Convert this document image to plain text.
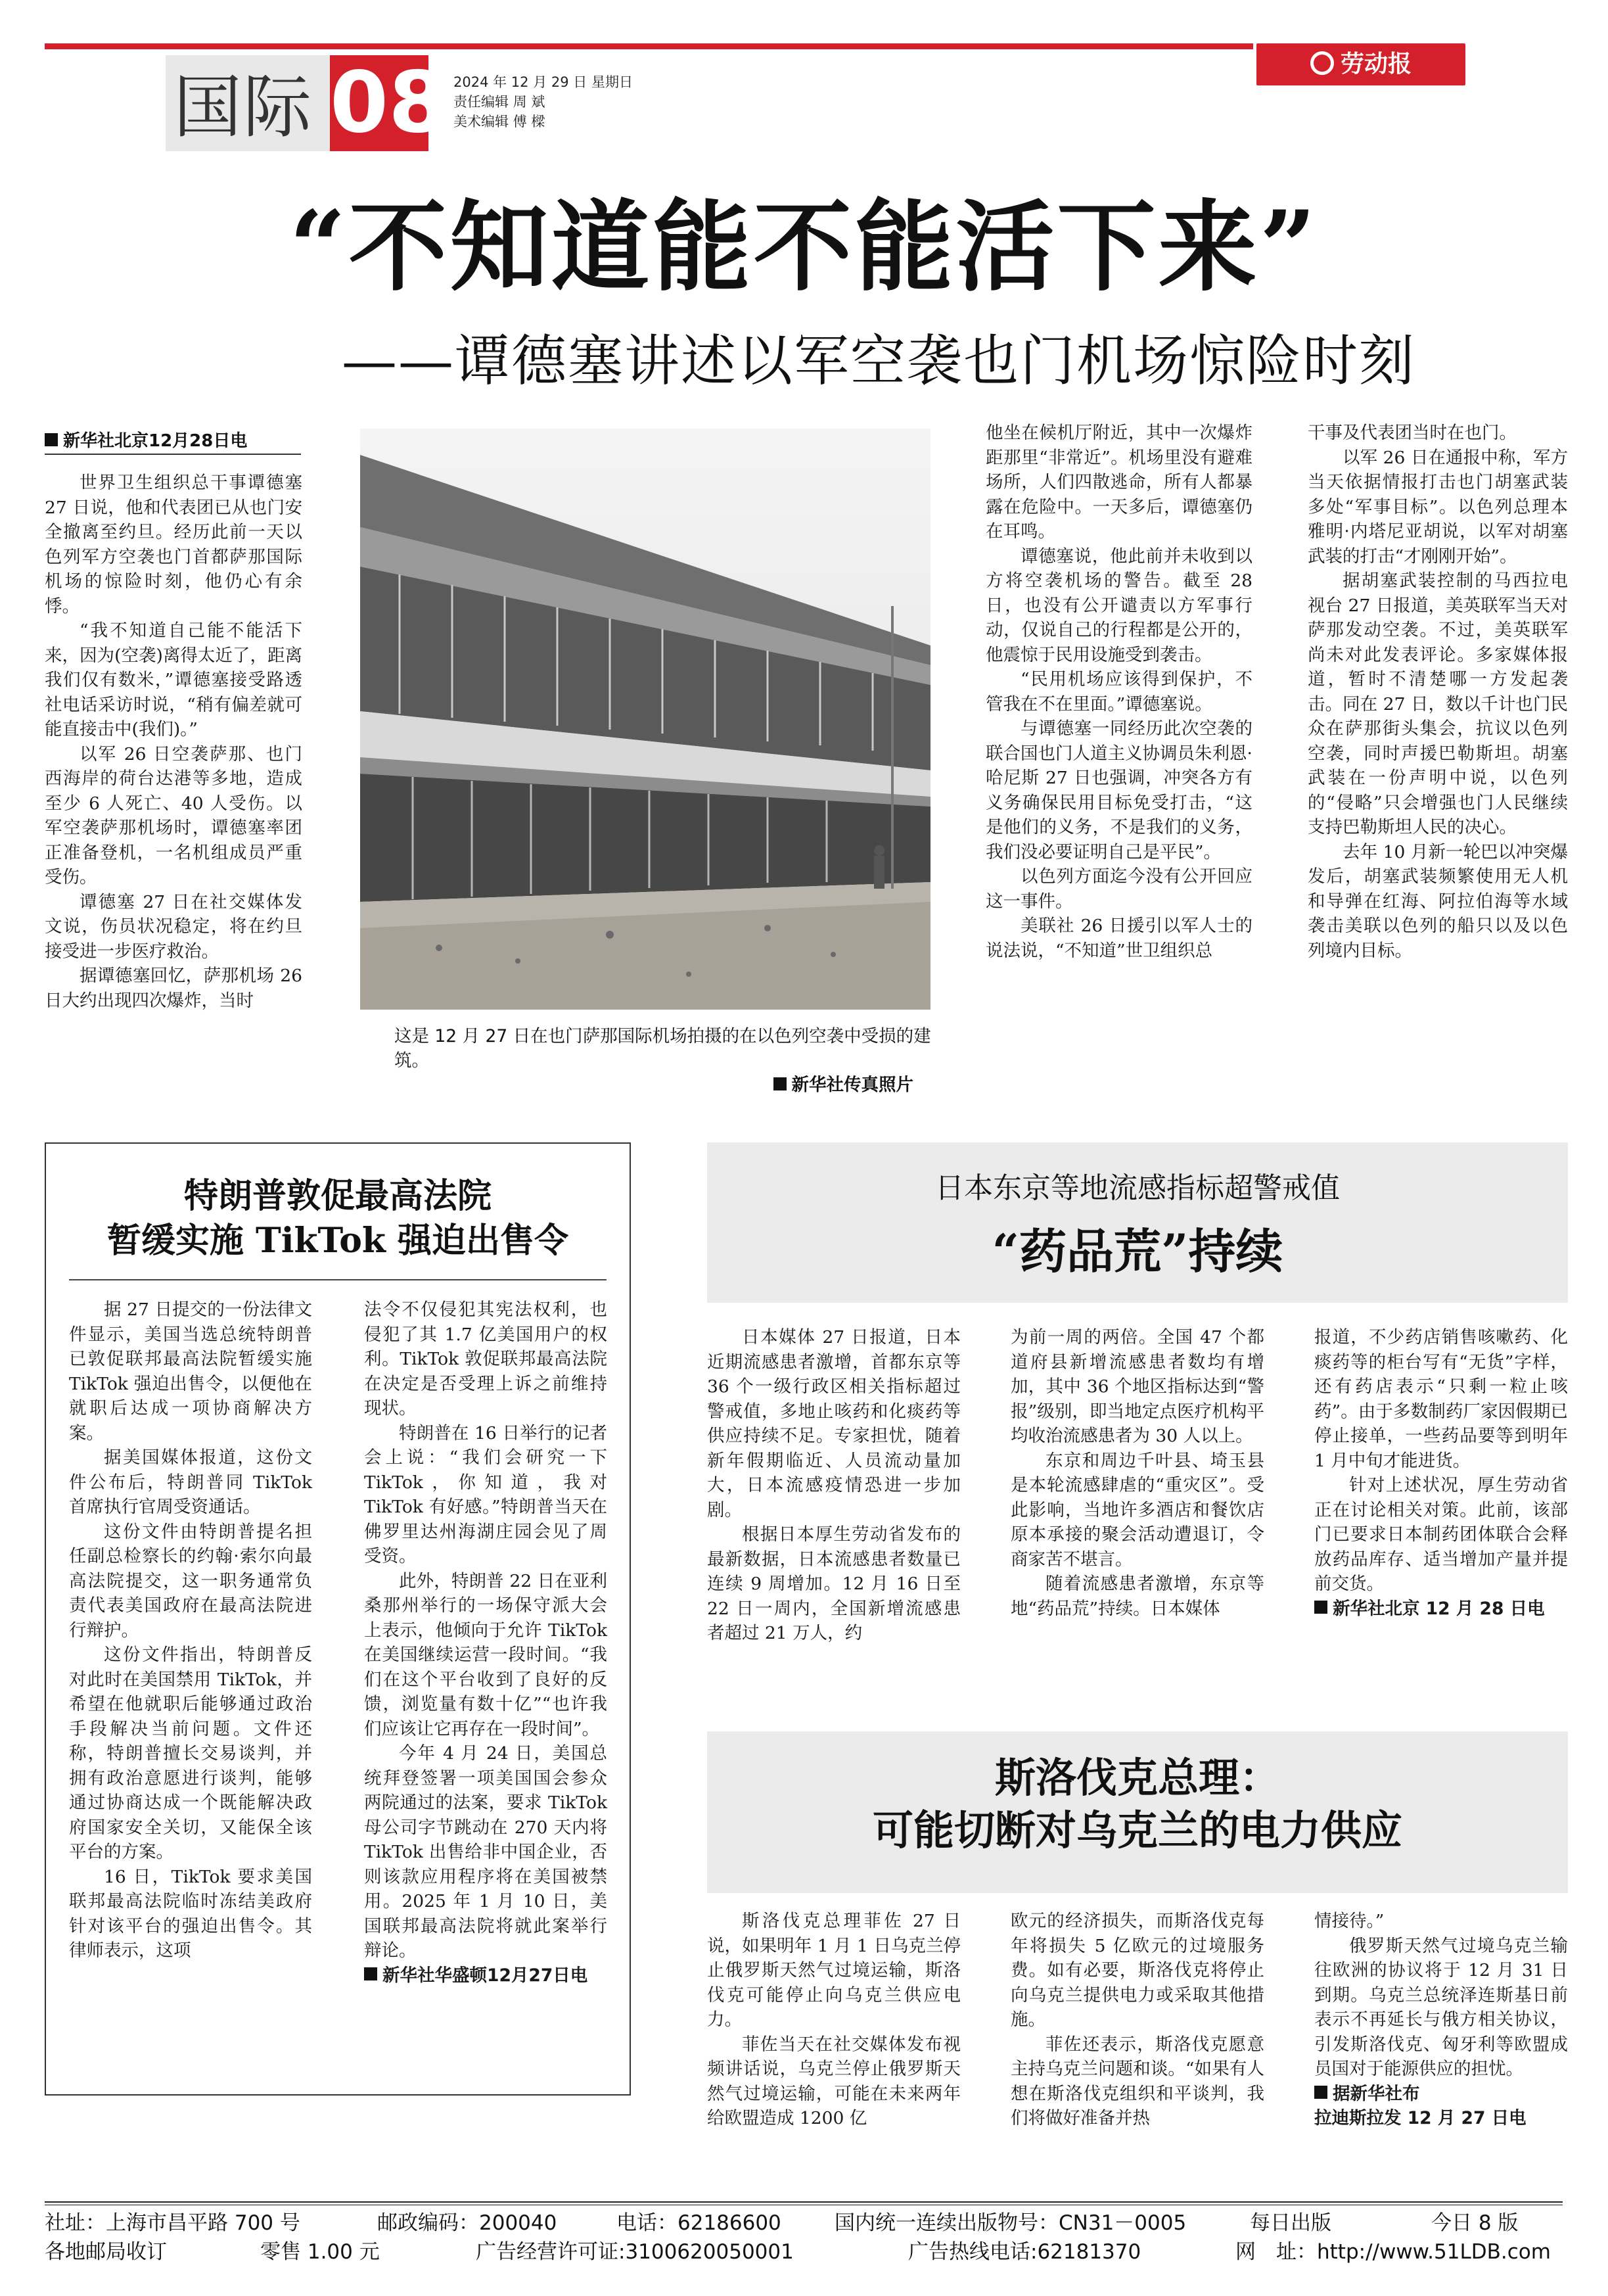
国际 08 2024 年 12 月 29 日 星期日
责任编辑 周 斌
美术编辑 傅 樑
劳动报
“不知道能不能活下来”
——谭德塞讲述以军空袭也门机场惊险时刻
新华社北京12月28日电

世界卫生组织总干事谭德塞 27 日说，他和代表团已从也门安全撤离至约旦。经历此前一天以色列军方空袭也门首都萨那国际机场的惊险时刻，他仍心有余悸。

“我不知道自己能不能活下来，因为(空袭)离得太近了，距离我们仅有数米，”谭德塞接受路透社电话采访时说，“稍有偏差就可能直接击中(我们)。”

以军 26 日空袭萨那、也门西海岸的荷台达港等多地，造成至少 6 人死亡、40 人受伤。以军空袭萨那机场时，谭德塞率团正准备登机，一名机组成员严重受伤。

谭德塞 27 日在社交媒体发文说，伤员状况稳定，将在约旦接受进一步医疗救治。

据谭德塞回忆，萨那机场 26 日大约出现四次爆炸，当时

这是 12 月 27 日在也门萨那国际机场拍摄的在以色列空袭中受损的建筑。

新华社传真照片

他坐在候机厅附近，其中一次爆炸距那里“非常近”。机场里没有避难场所，人们四散逃命，所有人都暴露在危险中。一天多后，谭德塞仍在耳鸣。

谭德塞说，他此前并未收到以方将空袭机场的警告。截至 28 日，也没有公开谴责以方军事行动，仅说自己的行程都是公开的，他震惊于民用设施受到袭击。

“民用机场应该得到保护，不管我在不在里面。”谭德塞说。

与谭德塞一同经历此次空袭的联合国也门人道主义协调员朱利恩·哈尼斯 27 日也强调，冲突各方有义务确保民用目标免受打击，“这是他们的义务，不是我们的义务，我们没必要证明自己是平民”。

以色列方面迄今没有公开回应这一事件。

美联社 26 日援引以军人士的说法说，“不知道”世卫组织总

干事及代表团当时在也门。

以军 26 日在通报中称，军方当天依据情报打击也门胡塞武装多处“军事目标”。以色列总理本雅明·内塔尼亚胡说，以军对胡塞武装的打击“才刚刚开始”。

据胡塞武装控制的马西拉电视台 27 日报道，美英联军当天对萨那发动空袭。不过，美英联军尚未对此发表评论。多家媒体报道，暂时不清楚哪一方发起袭击。同在 27 日，数以千计也门民众在萨那街头集会，抗议以色列空袭，同时声援巴勒斯坦。胡塞武装在一份声明中说，以色列的“侵略”只会增强也门人民继续支持巴勒斯坦人民的决心。

去年 10 月新一轮巴以冲突爆发后，胡塞武装频繁使用无人机和导弹在红海、阿拉伯海等水域袭击美联以色列的船只以及以色列境内目标。

特朗普敦促最高法院
暂缓实施 TikTok 强迫出售令

据 27 日提交的一份法律文件显示，美国当选总统特朗普已敦促联邦最高法院暂缓实施 TikTok 强迫出售令，以便他在就职后达成一项协商解决方案。

据美国媒体报道，这份文件公布后，特朗普同 TikTok 首席执行官周受资通话。

这份文件由特朗普提名担任副总检察长的约翰·索尔向最高法院提交，这一职务通常负责代表美国政府在最高法院进行辩护。

这份文件指出，特朗普反对此时在美国禁用 TikTok，并希望在他就职后能够通过政治手段解决当前问题。文件还称，特朗普擅长交易谈判，并拥有政治意愿进行谈判，能够通过协商达成一个既能解决政府国家安全关切，又能保全该平台的方案。

16 日，TikTok 要求美国联邦最高法院临时冻结美政府针对该平台的强迫出售令。其律师表示，这项

法令不仅侵犯其宪法权利，也侵犯了其 1.7 亿美国用户的权利。TikTok 敦促联邦最高法院在决定是否受理上诉之前维持现状。

特朗普在 16 日举行的记者会上说：“我们会研究一下 TikTok，你知道，我对 TikTok 有好感。”特朗普当天在佛罗里达州海湖庄园会见了周受资。

此外，特朗普 22 日在亚利桑那州举行的一场保守派大会上表示，他倾向于允许 TikTok 在美国继续运营一段时间。“我们在这个平台收到了良好的反馈，浏览量有数十亿”“也许我们应该让它再存在一段时间”。

今年 4 月 24 日，美国总统拜登签署一项美国国会参众两院通过的法案，要求 TikTok 母公司字节跳动在 270 天内将 TikTok 出售给非中国企业，否则该款应用程序将在美国被禁用。2025 年 1 月 10 日，美国联邦最高法院将就此案举行辩论。

新华社华盛顿12月27日电

日本东京等地流感指标超警戒值
“药品荒”持续

日本媒体 27 日报道，日本近期流感患者激增，首都东京等 36 个一级行政区相关指标超过警戒值，多地止咳药和化痰药等供应持续不足。专家担忧，随着新年假期临近、人员流动量加大，日本流感疫情恐进一步加剧。

根据日本厚生劳动省发布的最新数据，日本流感患者数量已连续 9 周增加。12 月 16 日至 22 日一周内，全国新增流感患者超过 21 万人，约

为前一周的两倍。全国 47 个都道府县新增流感患者数均有增加，其中 36 个地区指标达到“警报”级别，即当地定点医疗机构平均收治流感患者为 30 人以上。

东京和周边千叶县、埼玉县是本轮流感肆虐的“重灾区”。受此影响，当地许多酒店和餐饮店原本承接的聚会活动遭退订，令商家苦不堪言。

随着流感患者激增，东京等地“药品荒”持续。日本媒体

报道，不少药店销售咳嗽药、化痰药等的柜台写有“无货”字样，还有药店表示“只剩一粒止咳药”。由于多数制药厂家因假期已停止接单，一些药品要等到明年 1 月中旬才能进货。

针对上述状况，厚生劳动省正在讨论相关对策。此前，该部门已要求日本制药团体联合会释放药品库存、适当增加产量并提前交货。

新华社北京 12 月 28 日电

斯洛伐克总理：
可能切断对乌克兰的电力供应

斯洛伐克总理菲佐 27 日说，如果明年 1 月 1 日乌克兰停止俄罗斯天然气过境运输，斯洛伐克可能停止向乌克兰供应电力。

菲佐当天在社交媒体发布视频讲话说，乌克兰停止俄罗斯天然气过境运输，可能在未来两年给欧盟造成 1200 亿

欧元的经济损失，而斯洛伐克每年将损失 5 亿欧元的过境服务费。如有必要，斯洛伐克将停止向乌克兰提供电力或采取其他措施。

菲佐还表示，斯洛伐克愿意主持乌克兰问题和谈。“如果有人想在斯洛伐克组织和平谈判，我们将做好准备并热

情接待。”

俄罗斯天然气过境乌克兰输往欧洲的协议将于 12 月 31 日到期。乌克兰总统泽连斯基日前表示不再延长与俄方相关协议，引发斯洛伐克、匈牙利等欧盟成员国对于能源供应的担忧。

据新华社布
拉迪斯拉发 12 月 27 日电

社址：上海市昌平路 700 号	邮政编码：200040	电话：62186600	国内统一连续出版物号：CN31－0005	每日出版	今日 8 版
各地邮局收订	零售 1.00 元	广告经营许可证:3100620050001	广告热线电话:62181370	网　址：http://www.51LDB.com
